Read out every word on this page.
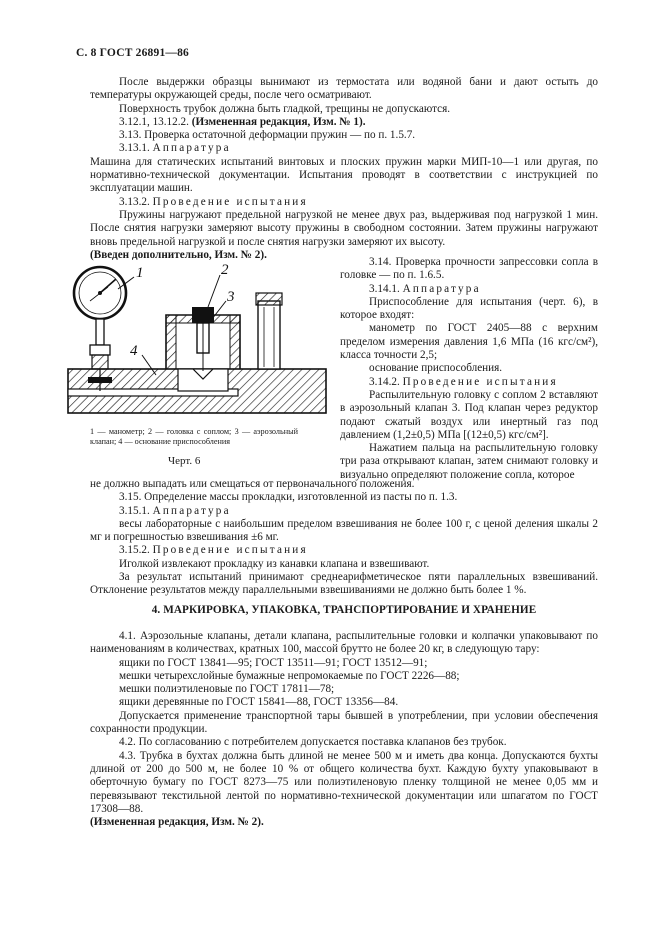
С. 8 ГОСТ 26891—86

После выдержки образцы вынимают из термостата или водяной бани и дают остыть до температуры окружающей среды, после чего осматривают.

Поверхность трубок должна быть гладкой, трещины не допускаются.

3.12.1, 13.12.2. (Измененная редакция, Изм. № 1).

3.13. Проверка остаточной деформации пружин — по п. 1.5.7.

3.13.1. Аппаратура

Машина для статических испытаний винтовых и плоских пружин марки МИП-10—1 или другая, по нормативно-технической документации. Испытания проводят в соответствии с инструкцией по эксплуатации машин.

3.13.2. Проведение испытания

Пружины нагружают предельной нагрузкой не менее двух раз, выдерживая под нагрузкой 1 мин. После снятия нагрузки замеряют высоту пружины в свободном состоянии. Затем пружины нагружают вновь предельной нагрузкой и после снятия нагрузки замеряют их высоту.

(Введен дополнительно, Изм. № 2).

1	2
3
4
1 — манометр; 2 — головка с соплом; 3 — аэрозольный клапан; 4 — основание приспособления
Черт. 6

3.14. Проверка прочности запрессовки сопла в головке — по п. 1.6.5.

3.14.1. Аппаратура

Приспособление для испытания (черт. 6), в которое входят:

манометр по ГОСТ 2405—88 с верхним пределом измерения давления 1,6 МПа (16 кгс/см²), класса точности 2,5;

основание приспособления.

3.14.2. Проведение испытания

Распылительную головку с соплом 2 вставляют в аэрозольный клапан 3. Под клапан через редуктор подают сжатый воздух или инертный газ под давлением (1,2±0,5) МПа [(12±0,5) кгс/см²].

Нажатием пальца на распылительную головку три раза открывают клапан, затем снимают головку и визуально определяют положение сопла, которое

не должно выпадать или смещаться от первоначального положения.

3.15. Определение массы прокладки, изготовленной из пасты по п. 1.3.

3.15.1. Аппаратура

весы лабораторные с наибольшим пределом взвешивания не более 100 г, с ценой деления шкалы 2 мг и погрешностью взвешивания ±6 мг.

3.15.2. Проведение испытания

Иголкой извлекают прокладку из канавки клапана и взвешивают.

За результат испытаний принимают среднеарифметическое пяти параллельных взвешиваний. Отклонение результатов между параллельными взвешиваниями не должно быть более 1 %.

4. МАРКИРОВКА, УПАКОВКА, ТРАНСПОРТИРОВАНИЕ И ХРАНЕНИЕ

4.1. Аэрозольные клапаны, детали клапана, распылительные головки и колпачки упаковывают по наименованиям в количествах, кратных 100, массой брутто не более 20 кг, в следующую тару:

ящики по ГОСТ 13841—95; ГОСТ 13511—91; ГОСТ 13512—91;

мешки четырехслойные бумажные непромокаемые по ГОСТ 2226—88;

мешки полиэтиленовые по ГОСТ 17811—78;

ящики деревянные по ГОСТ 15841—88, ГОСТ 13356—84.

Допускается применение транспортной тары бывшей в употреблении, при условии обеспечения сохранности продукции.

4.2. По согласованию с потребителем допускается поставка клапанов без трубок.

4.3. Трубка в бухтах должна быть длиной не менее 500 м и иметь два конца. Допускаются бухты длиной от 200 до 500 м, не более 10 % от общего количества бухт. Каждую бухту упаковывают в оберточную бумагу по ГОСТ 8273—75 или полиэтиленовую пленку толщиной не менее 0,05 мм и перевязывают текстильной лентой по нормативно-технической документации или шпагатом по ГОСТ 17308—88.

(Измененная редакция, Изм. № 2).
